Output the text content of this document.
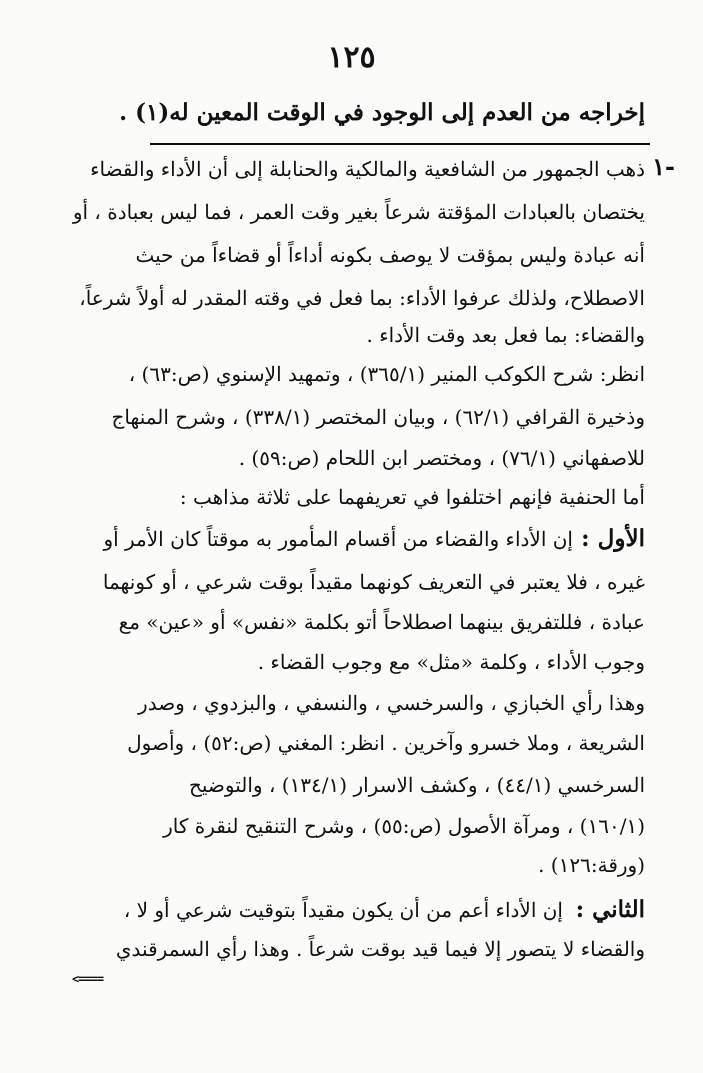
١٢٥
إخراجه من العدم إلى الوجود في الوقت المعين له(١) .
١-
ذهب الجمهور من الشافعية والمالكية والحنابلة إلى أن الأداء والقضاء
يختصان بالعبادات المؤقتة شرعاً بغير وقت العمر ، فما ليس بعبادة ، أو
أنه عبادة وليس بمؤقت لا يوصف بكونه أداءاً أو قضاءاً من حيث
الاصطلاح، ولذلك عرفوا الأداء: بما فعل في وقته المقدر له أولاً شرعاً،
والقضاء: بما فعل بعد وقت الأداء .
انظر: شرح الكوكب المنير (٣٦٥/١) ، وتمهيد الإسنوي (ص:٦٣) ،
وذخيرة القرافي (٦٢/١) ، وبيان المختصر (٣٣٨/١) ، وشرح المنهاج
للاصفهاني (٧٦/١) ، ومختصر ابن اللحام (ص:٥٩) .
أما الحنفية فإنهم اختلفوا في تعريفهما على ثلاثة مذاهب :
الأول :
إن الأداء والقضاء من أقسام المأمور به موقتاً كان الأمر أو
غيره ، فلا يعتبر في التعريف كونهما مقيداً بوقت شرعي ، أو كونهما
عبادة ، فللتفريق بينهما اصطلاحاً أتو بكلمة «نفس» أو «عين» مع
وجوب الأداء ، وكلمة «مثل» مع وجوب القضاء .
وهذا رأي الخبازي ، والسرخسي ، والنسفي ، والبزدوي ، وصدر
الشريعة ، وملا خسرو وآخرين . انظر: المغني (ص:٥٢) ، وأصول
السرخسي (٤٤/١) ، وكشف الاسرار (١٣٤/١) ، والتوضيح
(١٦٠/١) ، ومرآة الأصول (ص:٥٥) ، وشرح التنقيح لنقرة كار
(ورقة:١٢٦) .
الثاني :
إن الأداء أعم من أن يكون مقيداً بتوقيت شرعي أو لا ،
والقضاء لا يتصور إلا فيما قيد بوقت شرعاً . وهذا رأي السمرقندي
<====
